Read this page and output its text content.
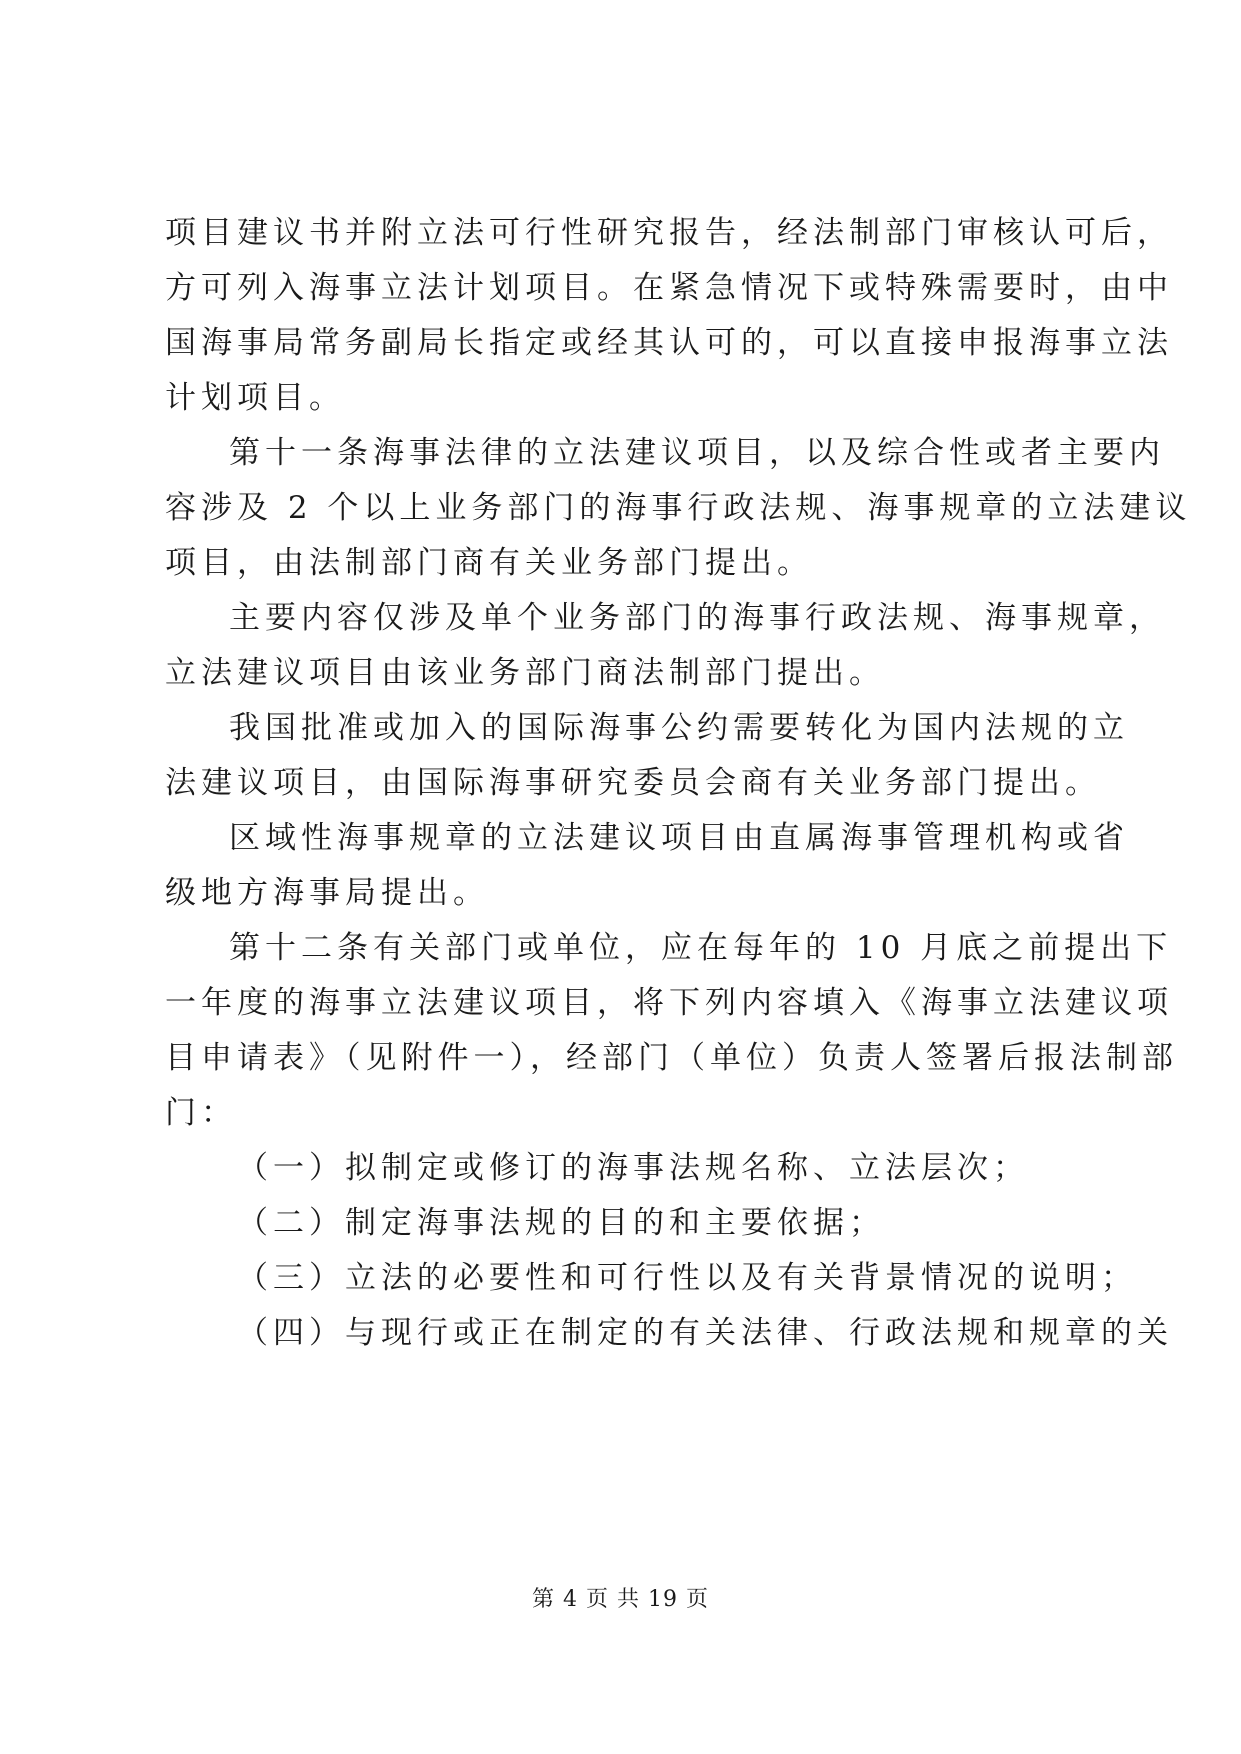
项目建议书并附立法可行性研究报告，经法制部门审核认可后，
方可列入海事立法计划项目。在紧急情况下或特殊需要时，由中
国海事局常务副局长指定或经其认可的，可以直接申报海事立法
计划项目。
第十一条海事法律的立法建议项目，以及综合性或者主要内
容涉及 2 个以上业务部门的海事行政法规、海事规章的立法建议
项目，由法制部门商有关业务部门提出。
主要内容仅涉及单个业务部门的海事行政法规、海事规章，
立法建议项目由该业务部门商法制部门提出。
我国批准或加入的国际海事公约需要转化为国内法规的立
法建议项目，由国际海事研究委员会商有关业务部门提出。
区域性海事规章的立法建议项目由直属海事管理机构或省
级地方海事局提出。
第十二条有关部门或单位，应在每年的 10 月底之前提出下
一年度的海事立法建议项目，将下列内容填入《海事立法建议项
目申请表》（见附件一），经部门（单位）负责人签署后报法制部
门：
（一）拟制定或修订的海事法规名称、立法层次；
（二）制定海事法规的目的和主要依据；
（三）立法的必要性和可行性以及有关背景情况的说明；
（四）与现行或正在制定的有关法律、行政法规和规章的关
第 4 页 共 19 页
